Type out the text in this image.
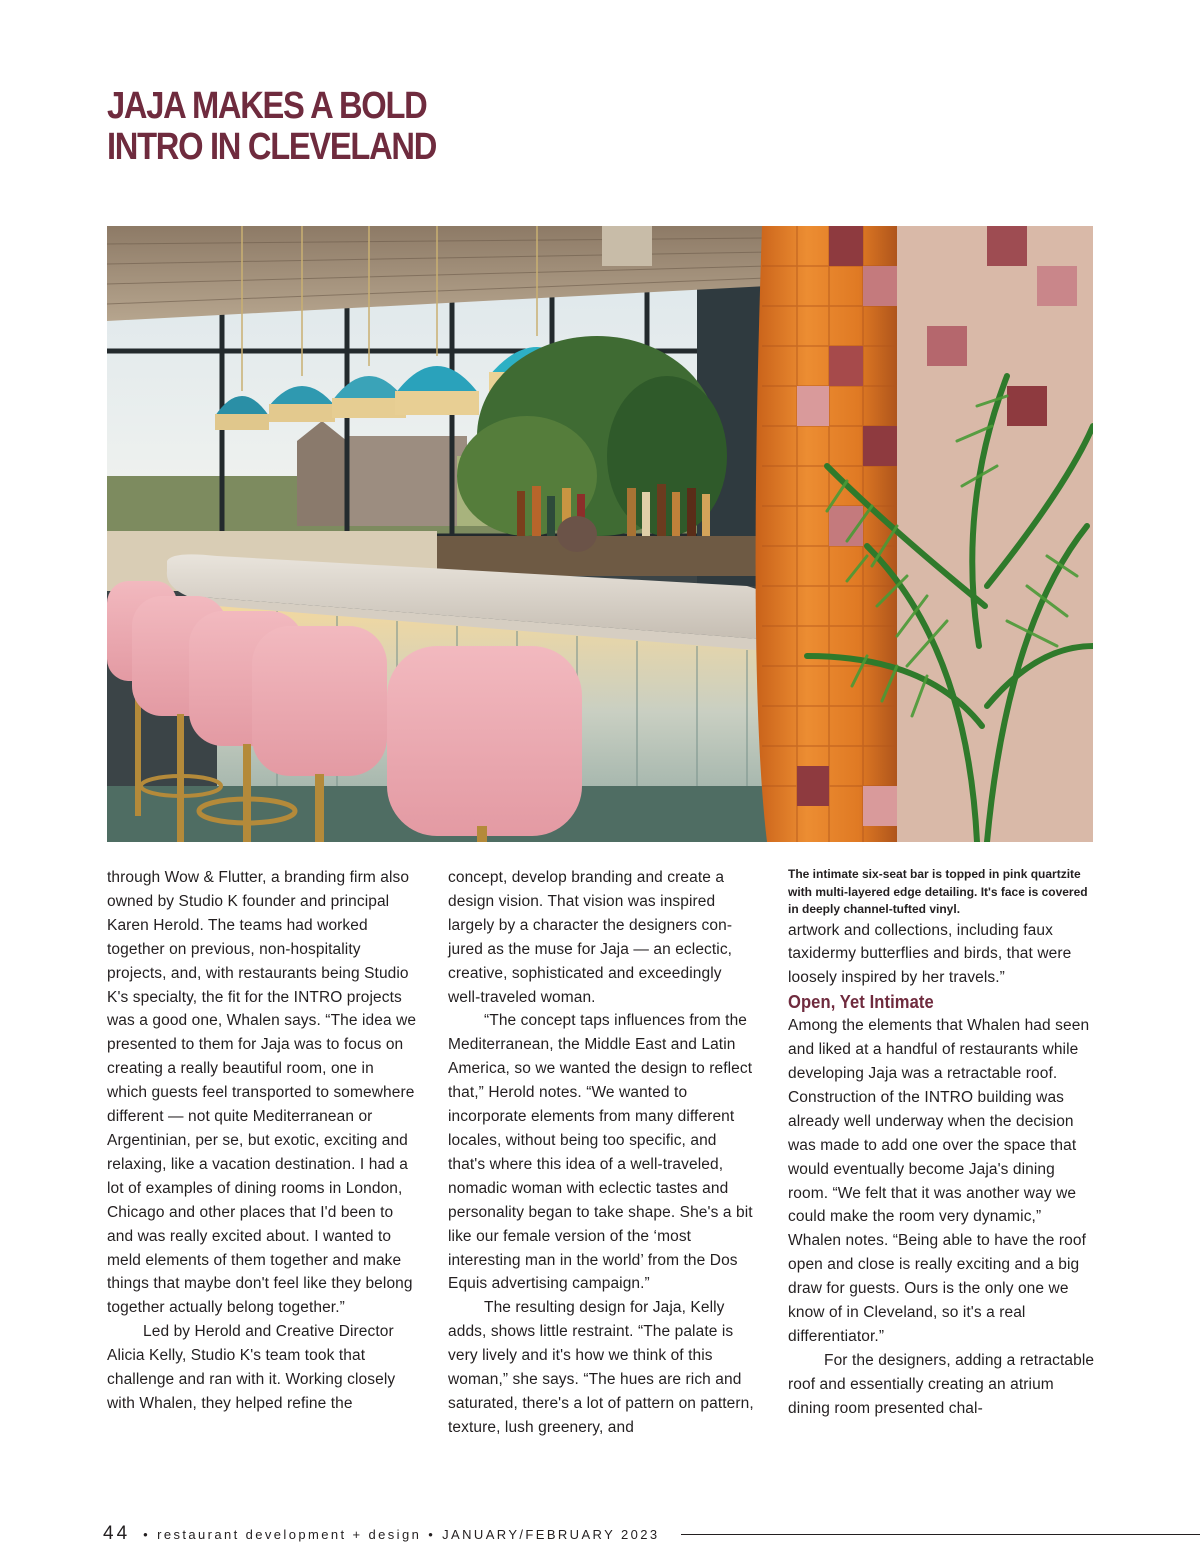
JAJA MAKES A BOLD
INTRO IN CLEVELAND

through Wow & Flutter, a branding firm also owned by Studio K founder and principal Karen Herold. The teams had worked together on previous, non-hospitality projects, and, with restaurants being Studio K's specialty, the fit for the INTRO projects was a good one, Whalen says. “The idea we presented to them for Jaja was to focus on creating a really beautiful room, one in which guests feel transported to somewhere different — not quite Mediterranean or Argentinian, per se, but exotic, exciting and relaxing, like a vacation destination. I had a lot of examples of dining rooms in London, Chicago and other places that I'd been to and was really excited about. I wanted to meld elements of them together and make things that maybe don't feel like they belong together actually belong together.”

Led by Herold and Creative Director Alicia Kelly, Studio K's team took that challenge and ran with it. Working closely with Whalen, they helped refine the

concept, develop branding and create a design vision. That vision was inspired largely by a character the designers conjured as the muse for Jaja — an eclectic, creative, sophisticated and exceedingly well-traveled woman.

“The concept taps influences from the Mediterranean, the Middle East and Latin America, so we wanted the design to reflect that,” Herold notes. “We wanted to incorporate elements from many different locales, without being too specific, and that's where this idea of a well-traveled, nomadic woman with eclectic tastes and personality began to take shape. She's a bit like our female version of the ‘most interesting man in the world’ from the Dos Equis advertising campaign.”

The resulting design for Jaja, Kelly adds, shows little restraint. “The palate is very lively and it's how we think of this woman,” she says. “The hues are rich and saturated, there's a lot of pattern on pattern, texture, lush greenery, and

The intimate six-seat bar is topped in pink quartzite with multi-layered edge detailing. It's face is covered in deeply channel-tufted vinyl.

artwork and collections, including faux taxidermy butterflies and birds, that were loosely inspired by her travels.”

Open, Yet Intimate

Among the elements that Whalen had seen and liked at a handful of restaurants while developing Jaja was a retractable roof. Construction of the INTRO building was already well underway when the decision was made to add one over the space that would eventually become Jaja's dining room. “We felt that it was another way we could make the room very dynamic,” Whalen notes. “Being able to have the roof open and close is really exciting and a big draw for guests. Ours is the only one we know of in Cleveland, so it's a real differentiator.”

For the designers, adding a retractable roof and essentially creating an atrium dining room presented chal-

44	• restaurant development + design • JANUARY/FEBRUARY 2023
